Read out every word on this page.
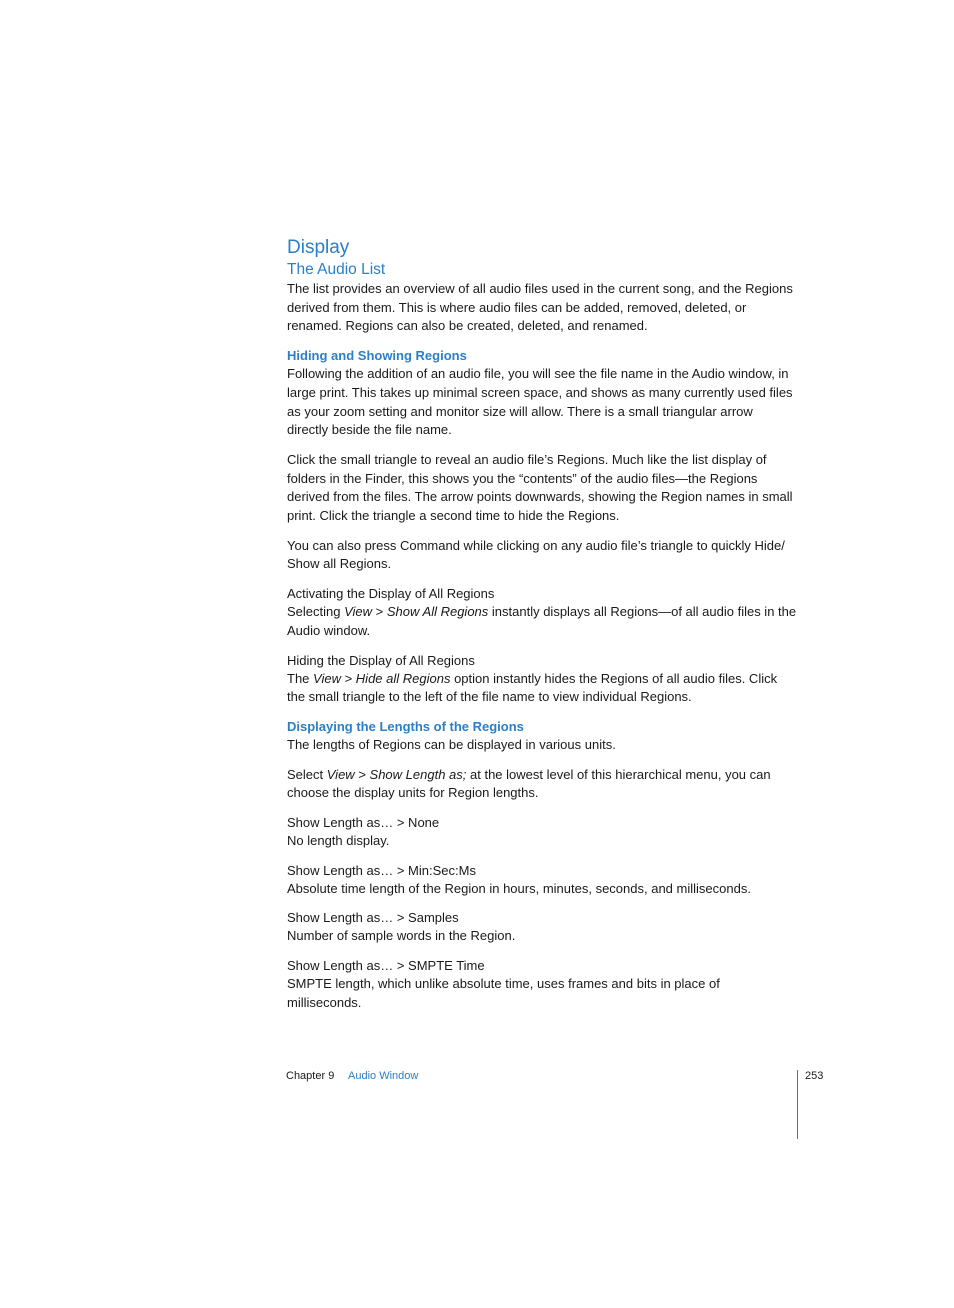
Display
The Audio List

The list provides an overview of all audio files used in the current song, and the Regions derived from them. This is where audio files can be added, removed, deleted, or renamed. Regions can also be created, deleted, and renamed.

Hiding and Showing Regions

Following the addition of an audio file, you will see the file name in the Audio window, in large print. This takes up minimal screen space, and shows as many currently used files as your zoom setting and monitor size will allow. There is a small triangular arrow directly beside the file name.

Click the small triangle to reveal an audio file’s Regions. Much like the list display of folders in the Finder, this shows you the “contents” of the audio files—the Regions derived from the files. The arrow points downwards, showing the Region names in small print. Click the triangle a second time to hide the Regions.

You can also press Command while clicking on any audio file’s triangle to quickly Hide/ Show all Regions.

Activating the Display of All Regions

Selecting View > Show All Regions instantly displays all Regions—of all audio files in the Audio window.

Hiding the Display of All Regions

The View > Hide all Regions option instantly hides the Regions of all audio files. Click the small triangle to the left of the file name to view individual Regions.

Displaying the Lengths of the Regions

The lengths of Regions can be displayed in various units.

Select View > Show Length as; at the lowest level of this hierarchical menu, you can choose the display units for Region lengths.

Show Length as… > None

No length display.

Show Length as… > Min:Sec:Ms

Absolute time length of the Region in hours, minutes, seconds, and milliseconds.

Show Length as… > Samples

Number of sample words in the Region.

Show Length as… > SMPTE Time

SMPTE length, which unlike absolute time, uses frames and bits in place of milliseconds.

Chapter 9 Audio Window	253
